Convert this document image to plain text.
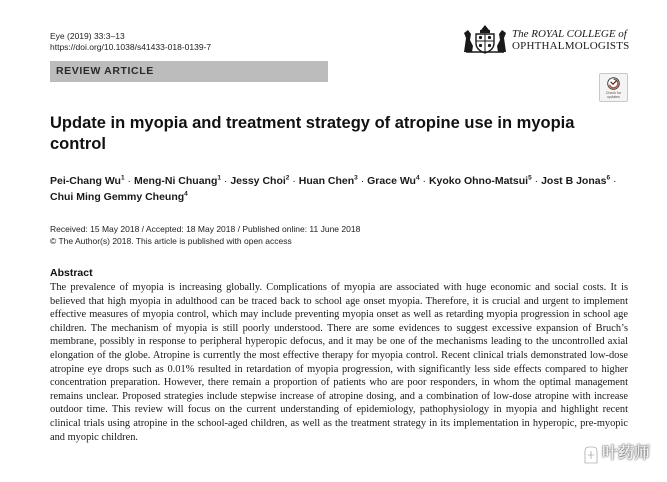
Eye (2019) 33:3–13
https://doi.org/10.1038/s41433-018-0139-7
The ROYAL COLLEGE of
OPHTHALMOLOGISTS
REVIEW ARTICLE
Check for updates
Update in myopia and treatment strategy of atropine use in myopia control
Pei-Chang $Wu^1$ · Meng-Ni Chuang$^1$ · Jessy Choi$^2$ · Huan Chen$^3$ · Grace $Wu^4$ · Kyoko Ohno-Matsui$^5$ · Jost B Jonas$^6$ · Chui Ming Gemmy Cheung$^4$
Received: 15 May 2018 / Accepted: 18 May 2018 / Published online: 11 June 2018
© The Author(s) 2018. This article is published with open access
Abstract

The prevalence of myopia is increasing globally. Complications of myopia are associated with huge economic and social costs. It is believed that high myopia in adulthood can be traced back to school age onset myopia. Therefore, it is crucial and urgent to implement effective measures of myopia control, which may include preventing myopia onset as well as retarding myopia progression in school age children. The mechanism of myopia is still poorly understood. There are some evidences to suggest excessive expansion of Bruch’s membrane, possibly in response to peripheral hyperopic defocus, and it may be one of the mechanisms leading to the uncontrolled axial elongation of the globe. Atropine is currently the most effective therapy for myopia control. Recent clinical trials demonstrated low-dose atropine eye drops such as 0.01% resulted in retardation of myopia progression, with significantly less side effects compared to higher concentration preparation. However, there remain a proportion of patients who are poor responders, in whom the optimal management remains unclear. Proposed strategies include stepwise increase of atropine dosing, and a combination of low-dose atropine with increase outdoor time. This review will focus on the current understanding of epidemiology, pathophysiology in myopia and highlight recent clinical trials using atropine in the school-aged children, as well as the treatment strategy in its implementation in hyperopic, pre-myopic and myopic children.

叶药师
